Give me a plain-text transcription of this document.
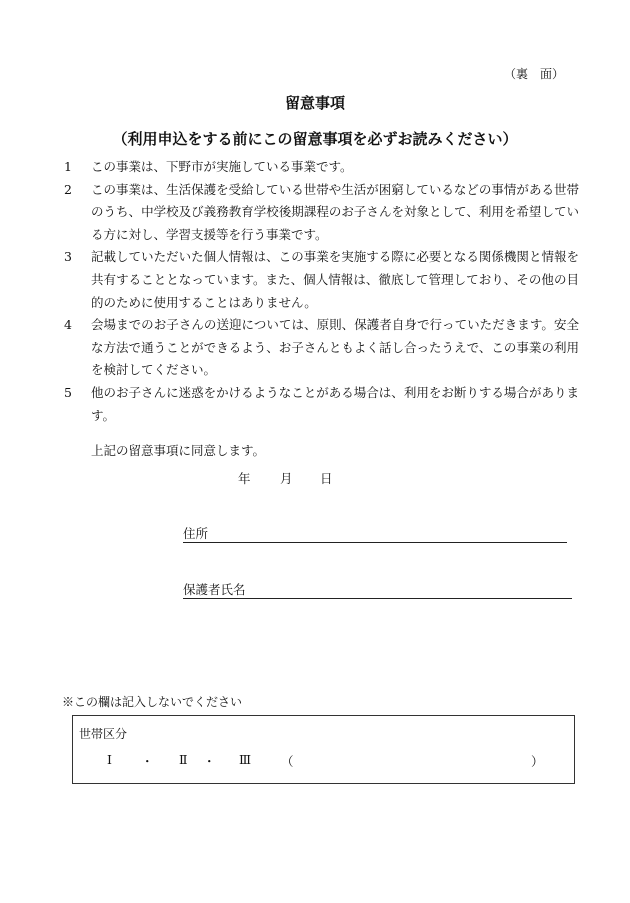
（裏　面）
留意事項
（利用申込をする前にこの留意事項を必ずお読みください）
1	この事業は、下野市が実施している事業です。
2	この事業は、生活保護を受給している世帯や生活が困窮しているなどの事情がある世帯のうち、中学校及び義務教育学校後期課程のお子さんを対象として、利用を希望している方に対し、学習支援等を行う事業です。
3	記載していただいた個人情報は、この事業を実施する際に必要となる関係機関と情報を共有することとなっています。また、個人情報は、徹底して管理しており、その他の目的のために使用することはありません。
4	会場までのお子さんの送迎については、原則、保護者自身で行っていただきます。安全な方法で通うことができるよう、お子さんともよく話し合ったうえで、この事業の利用を検討してください。
5	他のお子さんに迷惑をかけるようなことがある場合は、利用をお断りする場合があります。
上記の留意事項に同意します。
年	月	日
住所
保護者氏名
※この欄は記入しないでください
世帯区分
Ⅰ ・ Ⅱ ・ Ⅲ （	）
